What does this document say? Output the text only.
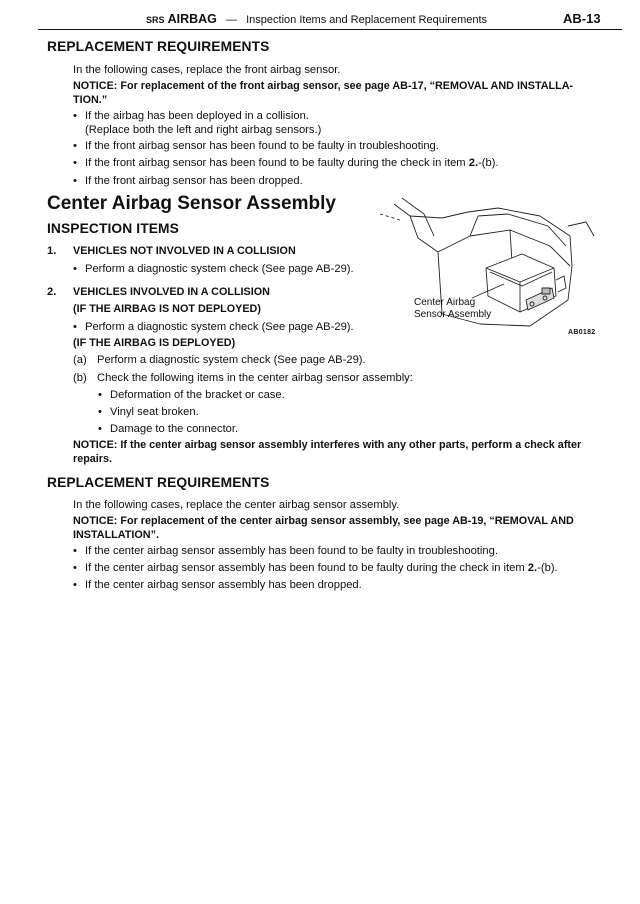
SRS AIRBAG — Inspection Items and Replacement Requirements	AB-13
REPLACEMENT REQUIREMENTS
In the following cases, replace the front airbag sensor.
NOTICE: For replacement of the front airbag sensor, see page AB-17, “REMOVAL AND INSTALLA-
TION.”
• If the airbag has been deployed in a collision.
(Replace both the left and right airbag sensors.)
• If the front airbag sensor has been found to be faulty in troubleshooting.
• If the front airbag sensor has been found to be faulty during the check in item 2.-(b).
• If the front airbag sensor has been dropped.
Center Airbag Sensor Assembly
INSPECTION ITEMS
1. VEHICLES NOT INVOLVED IN A COLLISION
• Perform a diagnostic system check (See page AB-29).
2. VEHICLES INVOLVED IN A COLLISION
(IF THE AIRBAG IS NOT DEPLOYED)
• Perform a diagnostic system check (See page AB-29).
(IF THE AIRBAG IS DEPLOYED)
(a) Perform a diagnostic system check (See page AB-29).
(b) Check the following items in the center airbag sensor assembly:
• Deformation of the bracket or case.
• Vinyl seat broken.
• Damage to the connector.
NOTICE: If the center airbag sensor assembly interferes with any other parts, perform a check after
repairs.
Center Airbag
Sensor Assembly
AB0182
REPLACEMENT REQUIREMENTS
In the following cases, replace the center airbag sensor assembly.
NOTICE: For replacement of the center airbag sensor assembly, see page AB-19, “REMOVAL AND
INSTALLATION”.
• If the center airbag sensor assembly has been found to be faulty in troubleshooting.
• If the center airbag sensor assembly has been found to be faulty during the check in item 2.-(b).
• If the center airbag sensor assembly has been dropped.
